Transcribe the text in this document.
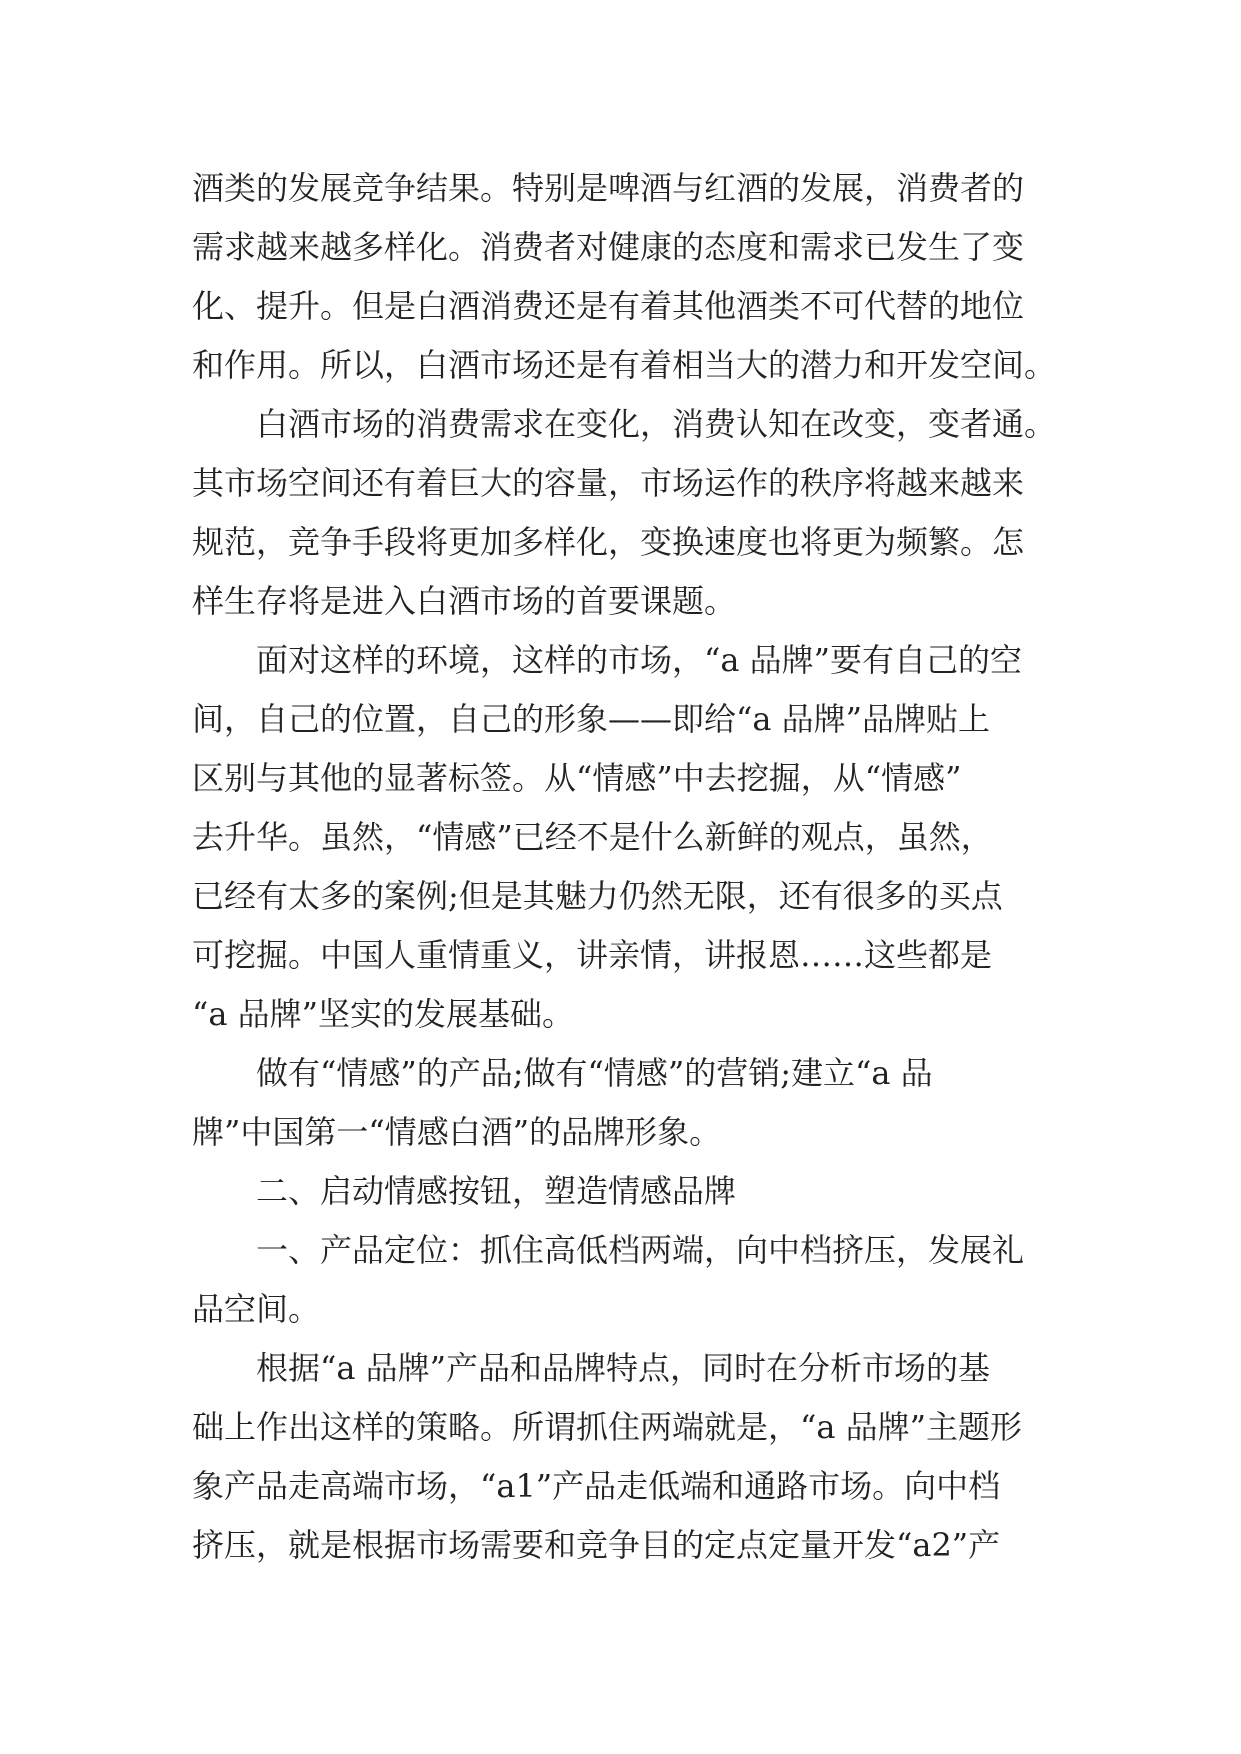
酒类的发展竞争结果。特别是啤酒与红酒的发展，消费者的
需求越来越多样化。消费者对健康的态度和需求已发生了变
化、提升。但是白酒消费还是有着其他酒类不可代替的地位
和作用。所以，白酒市场还是有着相当大的潜力和开发空间。
白酒市场的消费需求在变化，消费认知在改变，变者通。
其市场空间还有着巨大的容量，市场运作的秩序将越来越来
规范，竞争手段将更加多样化，变换速度也将更为频繁。怎
样生存将是进入白酒市场的首要课题。
面对这样的环境，这样的市场，“a 品牌”要有自己的空
间，自己的位置，自己的形象——即给“a 品牌”品牌贴上
区别与其他的显著标签。从“情感”中去挖掘，从“情感”
去升华。虽然，“情感”已经不是什么新鲜的观点，虽然，
已经有太多的案例;但是其魅力仍然无限，还有很多的买点
可挖掘。中国人重情重义，讲亲情，讲报恩……这些都是
“a 品牌”坚实的发展基础。
做有“情感”的产品;做有“情感”的营销;建立“a 品
牌”中国第一“情感白酒”的品牌形象。
二、启动情感按钮，塑造情感品牌
一、产品定位：抓住高低档两端，向中档挤压，发展礼
品空间。
根据“a 品牌”产品和品牌特点，同时在分析市场的基
础上作出这样的策略。所谓抓住两端就是，“a 品牌”主题形
象产品走高端市场，“a1”产品走低端和通路市场。向中档
挤压，就是根据市场需要和竞争目的定点定量开发“a2”产
